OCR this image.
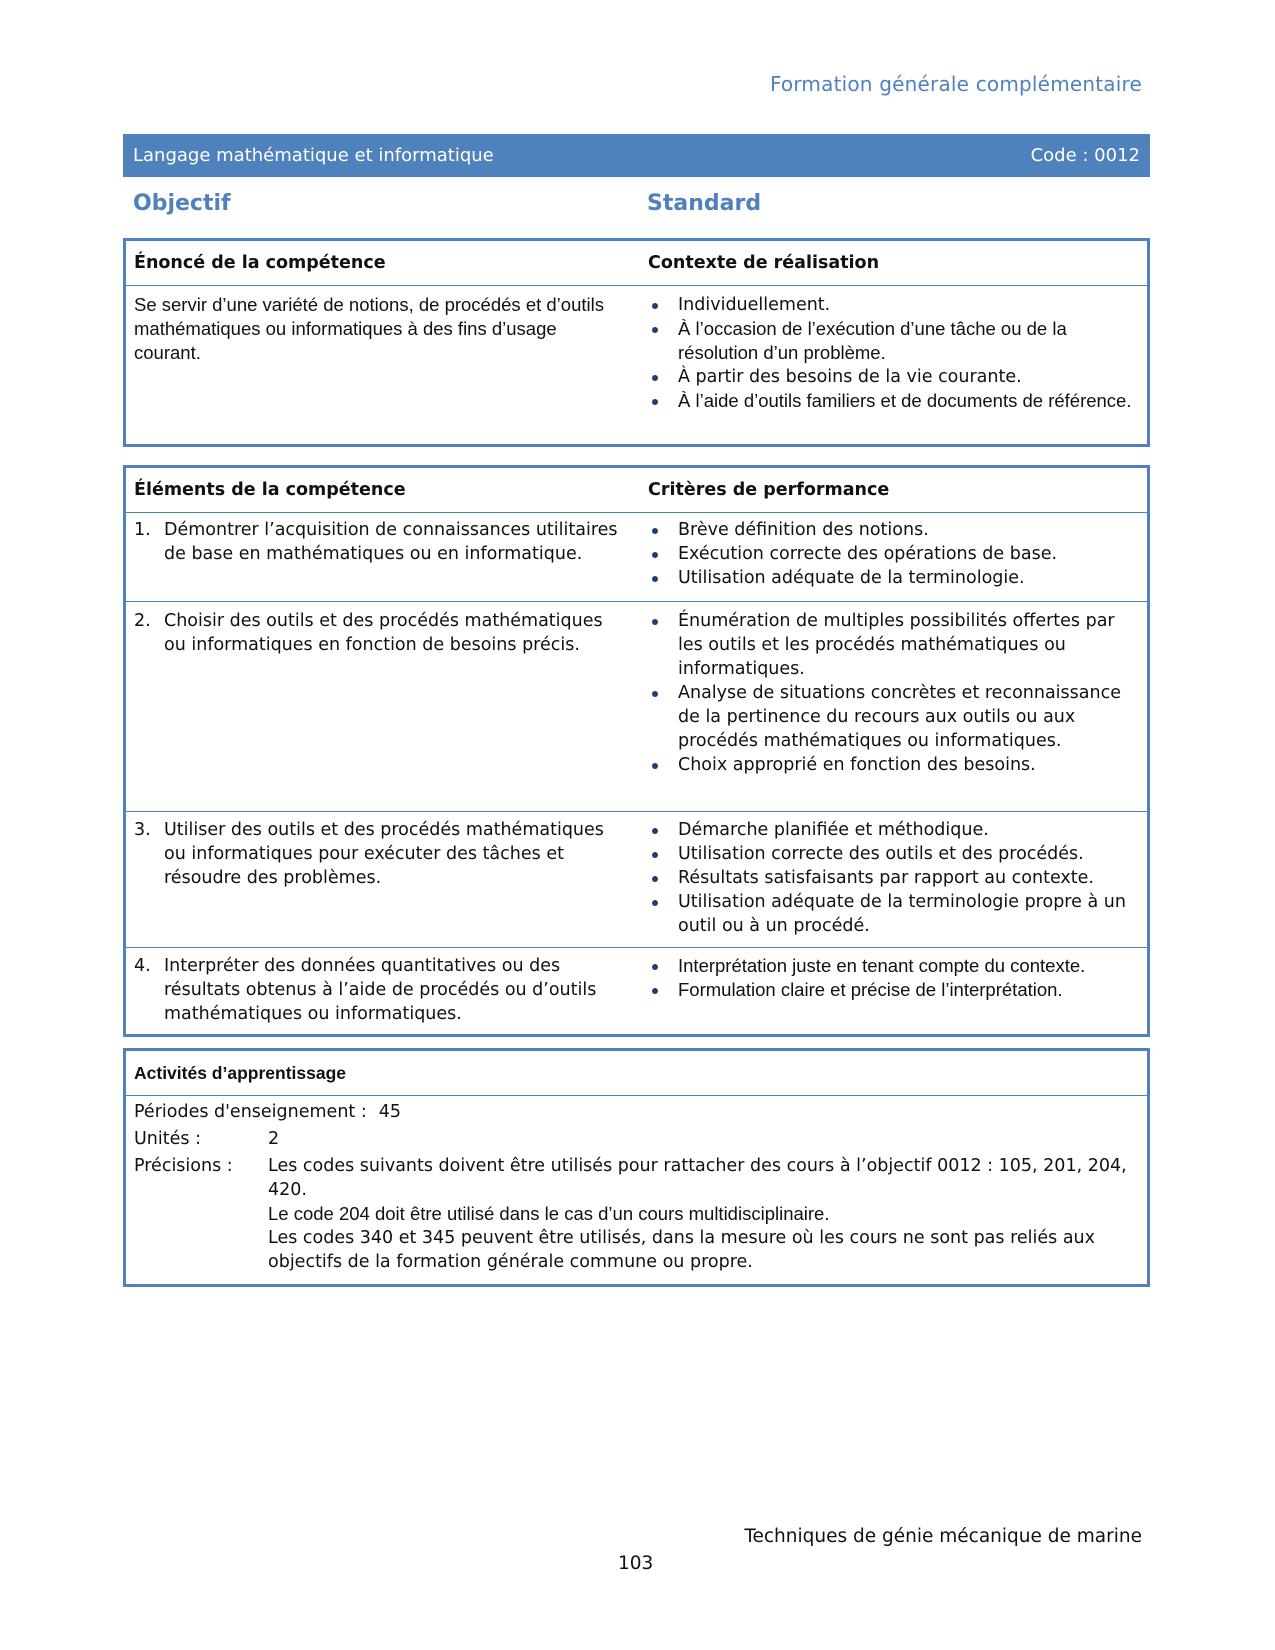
Formation générale complémentaire
Langage mathématique et informatique	Code : 0012
Objectif	Standard
Énoncé de la compétence	Contexte de réalisation
Se servir d’une variété de notions, de procédés et d’outils mathématiques ou informatiques à des fins d’usage courant.
Individuellement.
À l’occasion de l’exécution d’une tâche ou de la résolution d’un problème.
À partir des besoins de la vie courante.
À l’aide d’outils familiers et de documents de référence.
Éléments de la compétence	Critères de performance
1. Démontrer l’acquisition de connaissances utilitaires de base en mathématiques ou en informatique.
Brève définition des notions.
Exécution correcte des opérations de base.
Utilisation adéquate de la terminologie.
2. Choisir des outils et des procédés mathématiques ou informatiques en fonction de besoins précis.
Énumération de multiples possibilités offertes par les outils et les procédés mathématiques ou informatiques.
Analyse de situations concrètes et reconnaissance de la pertinence du recours aux outils ou aux procédés mathématiques ou informatiques.
Choix approprié en fonction des besoins.
3. Utiliser des outils et des procédés mathématiques ou informatiques pour exécuter des tâches et résoudre des problèmes.
Démarche planifiée et méthodique.
Utilisation correcte des outils et des procédés.
Résultats satisfaisants par rapport au contexte.
Utilisation adéquate de la terminologie propre à un outil ou à un procédé.
4. Interpréter des données quantitatives ou des résultats obtenus à l’aide de procédés ou d’outils mathématiques ou informatiques.
Interprétation juste en tenant compte du contexte.
Formulation claire et précise de l’interprétation.
Activités d’apprentissage
Périodes d'enseignement : 45
Unités :	2
Précisions :	Les codes suivants doivent être utilisés pour rattacher des cours à l’objectif 0012 : 105, 201, 204, 420.
Le code 204 doit être utilisé dans le cas d’un cours multidisciplinaire.
Les codes 340 et 345 peuvent être utilisés, dans la mesure où les cours ne sont pas reliés aux objectifs de la formation générale commune ou propre.
Techniques de génie mécanique de marine
103
